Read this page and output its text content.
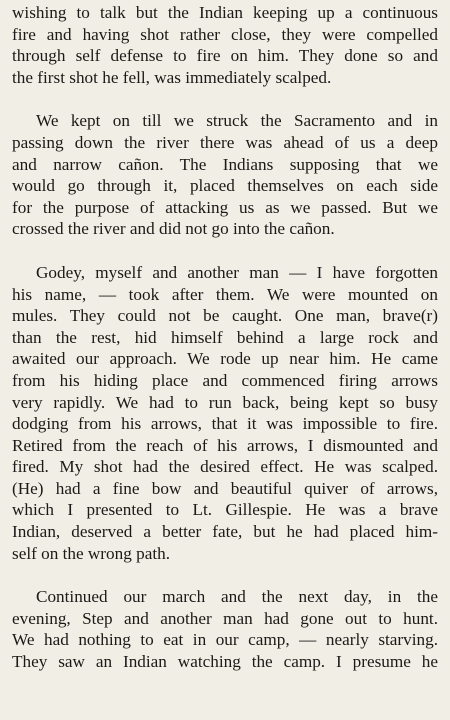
wishing to talk but the Indian keeping up a continuous
fire and having shot rather close, they were compelled
through self defense to fire on him. They done so and
the first shot he fell, was immediately scalped.
We kept on till we struck the Sacramento and in
passing down the river there was ahead of us a deep
and narrow cañon. The Indians supposing that we
would go through it, placed themselves on each side
for the purpose of attacking us as we passed. But we
crossed the river and did not go into the cañon.
Godey, myself and another man — I have forgotten
his name, — took after them. We were mounted on
mules. They could not be caught. One man, brave(r)
than the rest, hid himself behind a large rock and
awaited our approach. We rode up near him. He came
from his hiding place and commenced firing arrows
very rapidly. We had to run back, being kept so busy
dodging from his arrows, that it was impossible to fire.
Retired from the reach of his arrows, I dismounted and
fired. My shot had the desired effect. He was scalped.
(He) had a fine bow and beautiful quiver of arrows,
which I presented to Lt. Gillespie. He was a brave
Indian, deserved a better fate, but he had placed him-
self on the wrong path.
Continued our march and the next day, in the
evening, Step and another man had gone out to hunt.
We had nothing to eat in our camp, — nearly starving.
They saw an Indian watching the camp. I presume he
